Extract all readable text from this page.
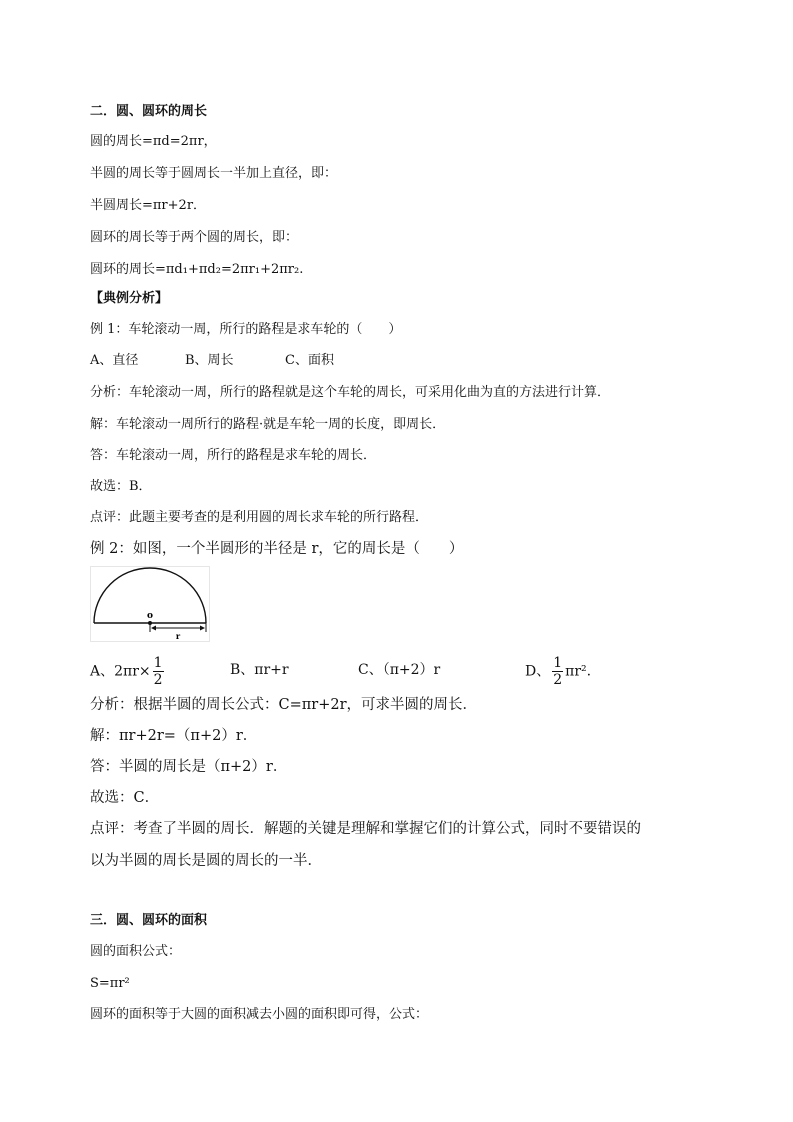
二．圆、圆环的周长
圆的周长=πd=2πr，
半圆的周长等于圆周长一半加上直径，即：
半圆周长=πr+2r．
圆环的周长等于两个圆的周长，即：
圆环的周长=πd₁+πd₂=2πr₁+2πr₂.
【典例分析】
例 1：车轮滚动一周，所行的路程是求车轮的（　　）
A、直径	B、周长	C、面积
分析：车轮滚动一周，所行的路程就是这个车轮的周长，可采用化曲为直的方法进行计算．
解：车轮滚动一周所行的路程·就是车轮一周的长度，即周长．
答：车轮滚动一周，所行的路程是求车轮的周长．
故选：B．
点评：此题主要考查的是利用圆的周长求车轮的所行路程．
例 2：如图，一个半圆形的半径是 r，它的周长是（　　）
o
r
A、$2\pi r\times \frac{1}{2}$	B、πr+r	C、（π+2）r	D、 $\frac{1}{2} \pi r^2$.
分析：根据半圆的周长公式：C=πr+2r，可求半圆的周长．
解：πr+2r=（π+2）r．
答：半圆的周长是（π+2）r．
故选：C．
点评：考查了半圆的周长．解题的关键是理解和掌握它们的计算公式，同时不要错误的
以为半圆的周长是圆的周长的一半．
三．圆、圆环的面积
圆的面积公式：
S=πr²
圆环的面积等于大圆的面积减去小圆的面积即可得，公式：
